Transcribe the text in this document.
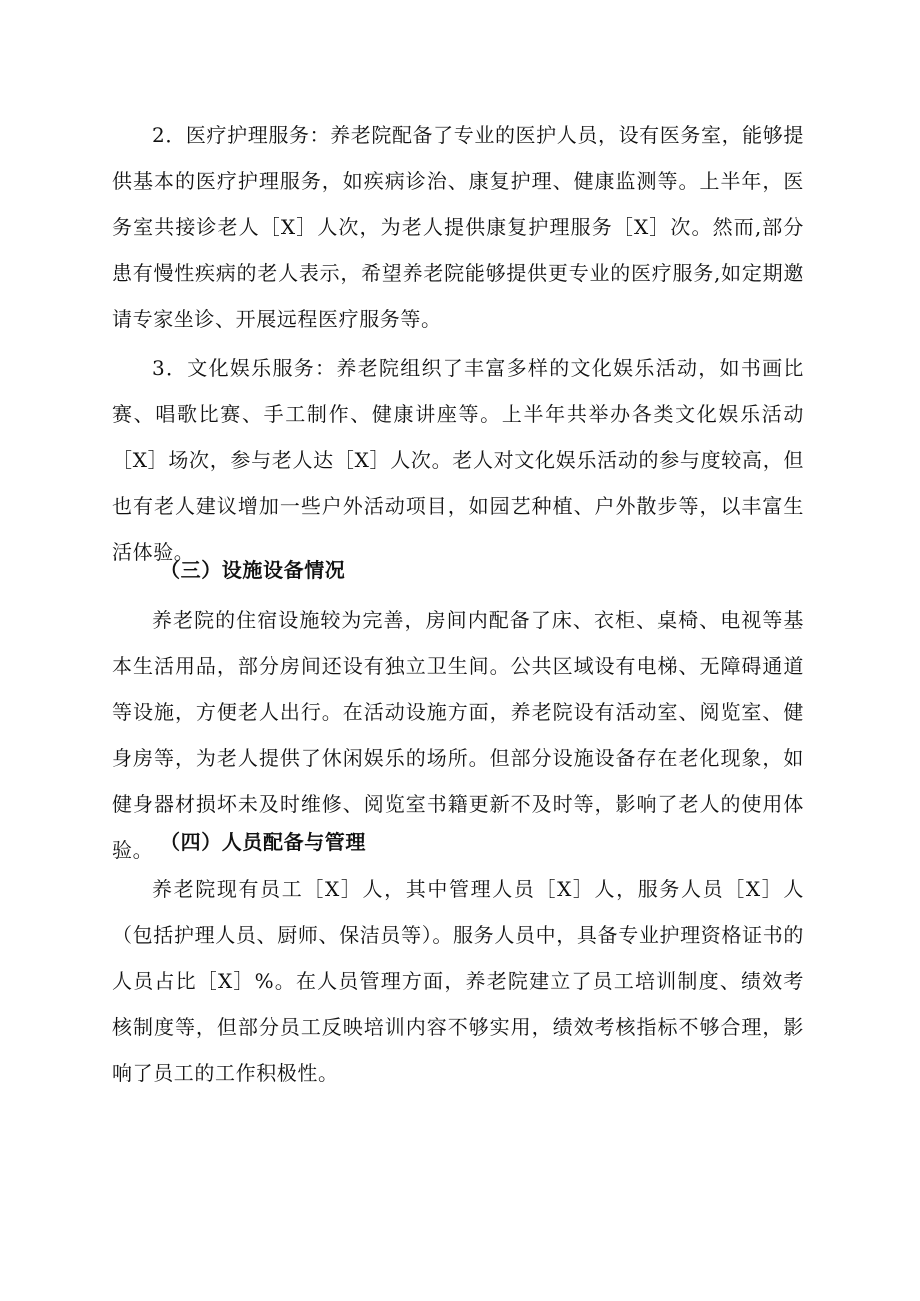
2．医疗护理服务：养老院配备了专业的医护人员，设有医务室，能够提供基本的医疗护理服务，如疾病诊治、康复护理、健康监测等。上半年，医务室共接诊老人［X］人次，为老人提供康复护理服务［X］次。然而,部分患有慢性疾病的老人表示，希望养老院能够提供更专业的医疗服务,如定期邀请专家坐诊、开展远程医疗服务等。

3．文化娱乐服务：养老院组织了丰富多样的文化娱乐活动，如书画比赛、唱歌比赛、手工制作、健康讲座等。上半年共举办各类文化娱乐活动［X］场次，参与老人达［X］人次。老人对文化娱乐活动的参与度较高，但也有老人建议增加一些户外活动项目，如园艺种植、户外散步等，以丰富生活体验。

（三）设施设备情况

养老院的住宿设施较为完善，房间内配备了床、衣柜、桌椅、电视等基本生活用品，部分房间还设有独立卫生间。公共区域设有电梯、无障碍通道等设施，方便老人出行。在活动设施方面，养老院设有活动室、阅览室、健身房等，为老人提供了休闲娱乐的场所。但部分设施设备存在老化现象，如健身器材损坏未及时维修、阅览室书籍更新不及时等，影响了老人的使用体验。 （四）人员配备与管理

养老院现有员工［X］人，其中管理人员［X］人，服务人员［X］人（包括护理人员、厨师、保洁员等）。服务人员中，具备专业护理资格证书的人员占比［X］%。在人员管理方面，养老院建立了员工培训制度、绩效考核制度等，但部分员工反映培训内容不够实用，绩效考核指标不够合理，影响了员工的工作积极性。
